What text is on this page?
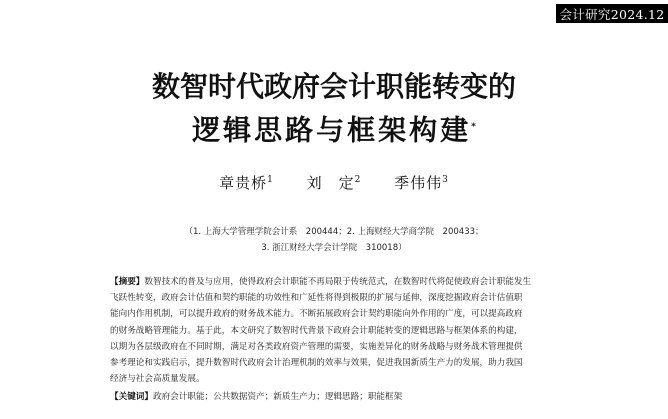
会计研究2024.12
数智时代政府会计职能转变的
逻辑思路与框架构建*
章贵桥$^1$ 刘　定$^2$ 季伟伟$^3$
（1. 上海大学管理学院会计系　200444；2. 上海财经大学商学院　200433；
3. 浙江财经大学会计学院　310018）
【摘要】数智技术的普及与应用，使得政府会计职能不再局限于传统范式，在数智时代将促使政府会计职能发生
飞跃性转变，政府会计估值和契约职能的功效性和广延性将得到极限的扩展与延伸，深度挖掘政府会计估值职
能向内作用机制，可以提升政府的财务战术能力。不断拓展政府会计契约职能向外作用的广度，可以提高政府
的财务战略管理能力。基于此，本文研究了数智时代背景下政府会计职能转变的逻辑思路与框架体系的构建，
以期为各层级政府在不同时期，满足对各类政府资产管理的需要，实施差异化的财务战略与财务战术管理提供
参考理论和实践启示，提升数智时代政府会计治理机制的效率与效果，促进我国新质生产力的发展，助力我国
经济与社会高质量发展。
【关键词】政府会计职能；公共数据资产；新质生产力；逻辑思路；职能框架
